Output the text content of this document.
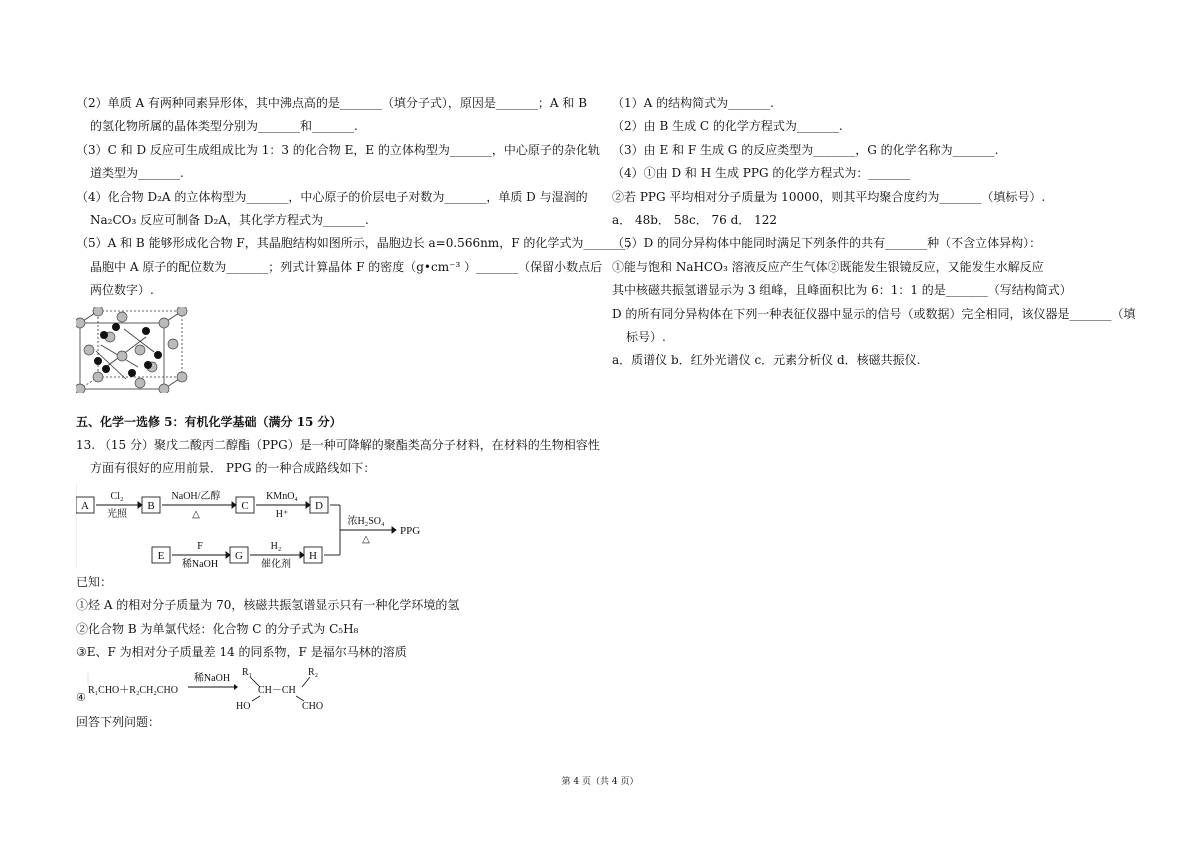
（2）单质 A 有两种同素异形体，其中沸点高的是_______（填分子式），原因是_______；A 和 B
的氢化物所属的晶体类型分别为_______和_______.
（3）C 和 D 反应可生成组成比为 1：3 的化合物 E，E 的立体构型为_______，中心原子的杂化轨
道类型为_______.
（4）化合物 D₂A 的立体构型为_______，中心原子的价层电子对数为_______，单质 D 与湿润的
Na₂CO₃ 反应可制备 D₂A，其化学方程式为_______.
（5）A 和 B 能够形成化合物 F，其晶胞结构如图所示，晶胞边长 a=0.566nm，F 的化学式为_______；
晶胞中 A 原子的配位数为_______；列式计算晶体 F 的密度（g•cm⁻³ ）_______（保留小数点后
两位数字）.
五、化学一选修 5：有机化学基础（满分 15 分）
13. （15 分）聚戊二酸丙二醇酯（PPG）是一种可降解的聚酯类高分子材料，在材料的生物相容性
方面有很好的应用前景． PPG 的一种合成路线如下：
A	B	C	D
E	G	H
Cl₂
光照
NaOH/乙醇
△
KMnO₄
H⁺
F
稀NaOH
H₂
催化剂
浓H₂SO₄
△
PPG
已知：
①烃 A 的相对分子质量为 70，核磁共振氢谱显示只有一种化学环境的氢
②化合物 B 为单氯代烃：化合物 C 的分子式为 C₅H₈
③E、F 为相对分子质量差 14 的同系物，F 是福尔马林的溶质
④
R₁CHO＋R₂CH₂CHO
稀NaOH
R₁	R₂
CH－CH
HO	CHO
回答下列问题：
（1）A 的结构简式为_______.
（2）由 B 生成 C 的化学方程式为_______.
（3）由 E 和 F 生成 G 的反应类型为_______，G 的化学名称为_______.
（4）①由 D 和 H 生成 PPG 的化学方程式为：_______
②若 PPG 平均相对分子质量为 10000，则其平均聚合度约为_______（填标号）.
a． 48b． 58c． 76 d． 122
（5）D 的同分异构体中能同时满足下列条件的共有_______种（不含立体异构）：
①能与饱和 NaHCO₃ 溶液反应产生气体②既能发生银镜反应，又能发生水解反应
其中核磁共振氢谱显示为 3 组峰，且峰面积比为 6：1：1 的是_______（写结构简式）
D 的所有同分异构体在下列一种表征仪器中显示的信号（或数据）完全相同，该仪器是_______（填
标号）.
a．质谱仪 b．红外光谱仪 c．元素分析仪 d．核磁共振仪.
第 4 页（共 4 页）
